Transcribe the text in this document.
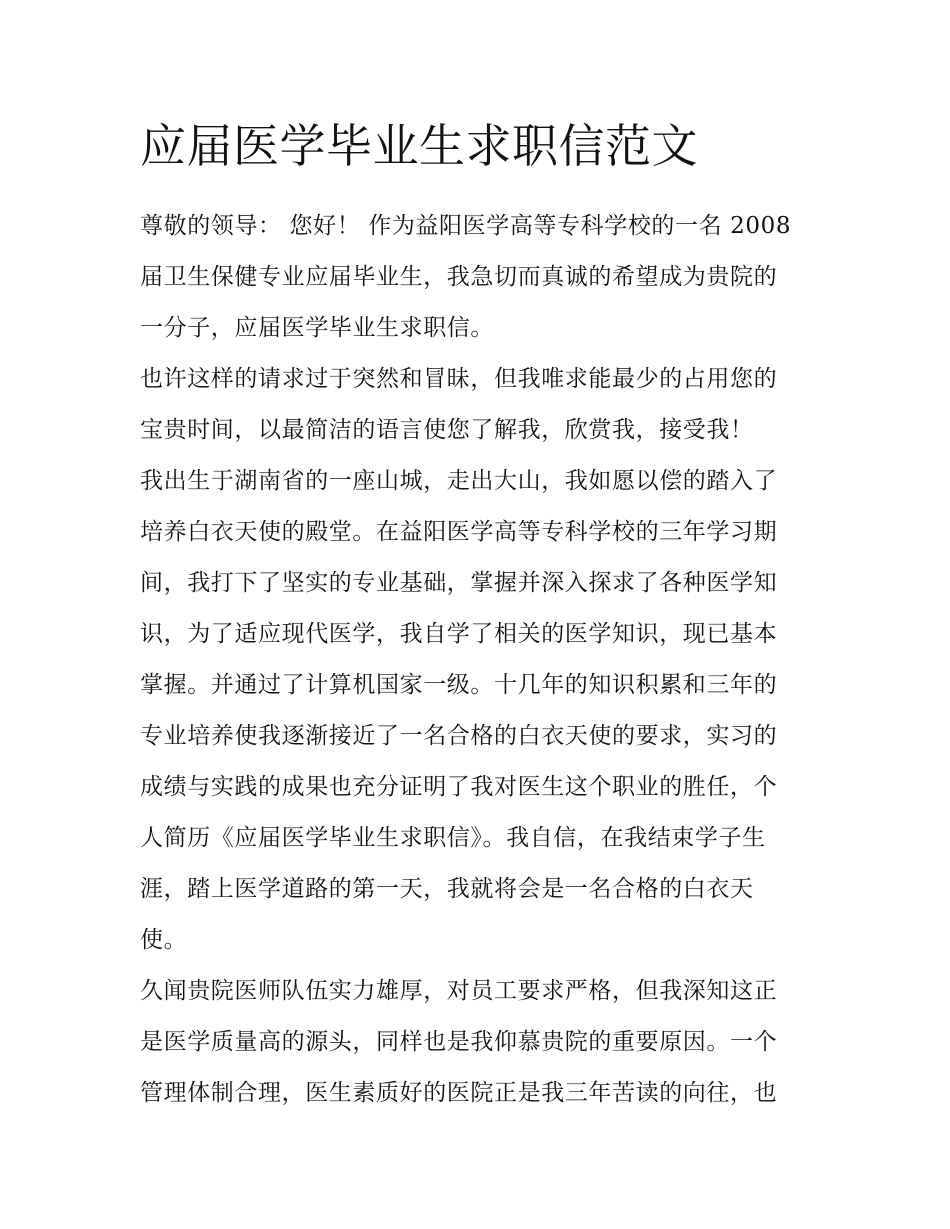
应届医学毕业生求职信范文

尊敬的领导： 您好！ 作为益阳医学高等专科学校的一名 2008
届卫生保健专业应届毕业生，我急切而真诚的希望成为贵院的
一分子，应届医学毕业生求职信。

也许这样的请求过于突然和冒昧，但我唯求能最少的占用您的
宝贵时间，以最简洁的语言使您了解我，欣赏我，接受我！

我出生于湖南省的一座山城，走出大山，我如愿以偿的踏入了
培养白衣天使的殿堂。在益阳医学高等专科学校的三年学习期
间，我打下了坚实的专业基础，掌握并深入探求了各种医学知
识，为了适应现代医学，我自学了相关的医学知识，现已基本
掌握。并通过了计算机国家一级。十几年的知识积累和三年的
专业培养使我逐渐接近了一名合格的白衣天使的要求，实习的
成绩与实践的成果也充分证明了我对医生这个职业的胜任，个
人简历《应届医学毕业生求职信》。我自信，在我结束学子生
涯，踏上医学道路的第一天，我就将会是一名合格的白衣天
使。

久闻贵院医师队伍实力雄厚，对员工要求严格，但我深知这正
是医学质量高的源头，同样也是我仰慕贵院的重要原因。一个
管理体制合理，医生素质好的医院正是我三年苦读的向往，也
